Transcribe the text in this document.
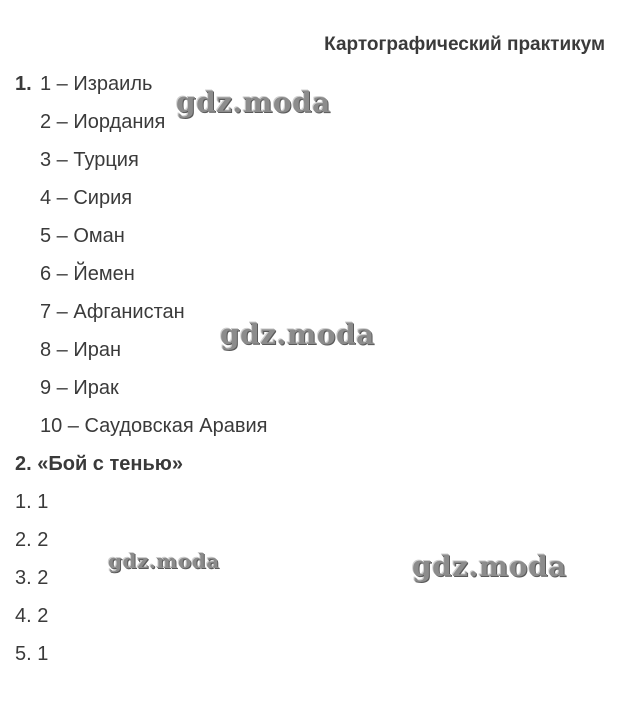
Картографический практикум
1. 1 – Израиль
2 – Иордания
3 – Турция
4 – Сирия
5 – Оман
6 – Йемен
7 – Афганистан
8 – Иран
9 – Ирак
10 – Саудовская Аравия
2. «Бой с тенью»
1. 1
2. 2
3. 2
4. 2
5. 1
gdz.moda
gdz.moda
gdz.moda	gdz.moda
